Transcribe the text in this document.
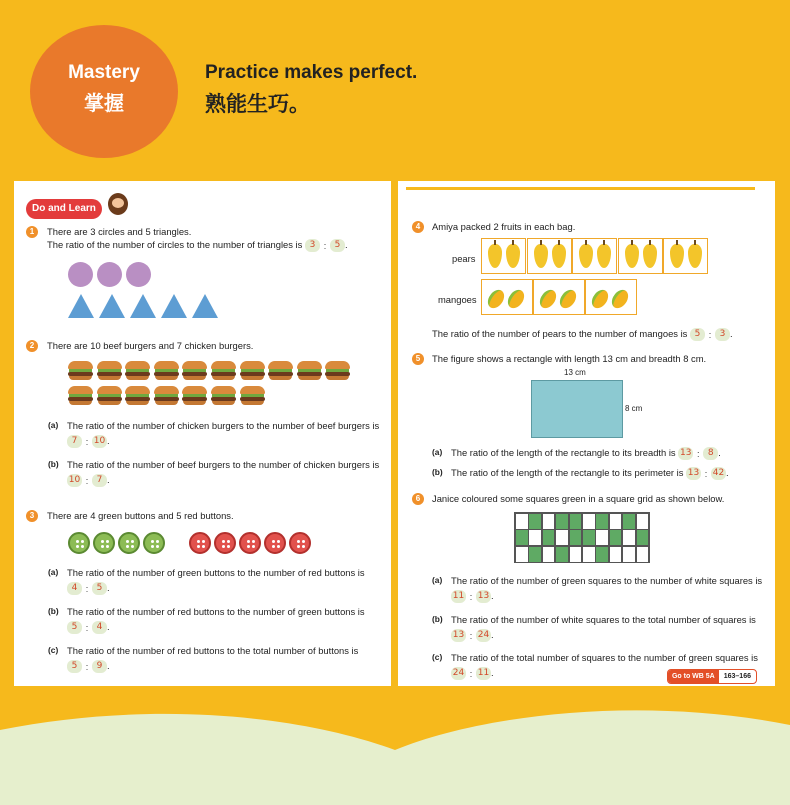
Mastery
掌握
Practice makes perfect.
熟能生巧。
Do and Learn
1	There are 3 circles and 5 triangles.
The ratio of the number of circles to the number of triangles is 3 : 5 .
2	There are 10 beef burgers and 7 chicken burgers.
(a) The ratio of the number of chicken burgers to the number of beef burgers is
7 : 10 .
(b) The ratio of the number of beef burgers to the number of chicken burgers is
10 : 7 .
3	There are 4 green buttons and 5 red buttons.
(a) The ratio of the number of green buttons to the number of red buttons is
4 : 5 .
(b) The ratio of the number of red buttons to the number of green buttons is
5 : 4 .
(c) The ratio of the number of red buttons to the total number of buttons is
5 : 9 .
4	Amiya packed 2 fruits in each bag.
pears
mangoes
The ratio of the number of pears to the number of mangoes is 5 : 3 .
5	The figure shows a rectangle with length 13 cm and breadth 8 cm.
13 cm
8 cm
(a) The ratio of the length of the rectangle to its breadth is 13 : 8 .
(b) The ratio of the length of the rectangle to its perimeter is 13 : 42 .
6	Janice coloured some squares green in a square grid as shown below.
(a) The ratio of the number of green squares to the number of white squares is
11 : 13 .
(b) The ratio of the number of white squares to the total number of squares is
13 : 24 .
(c) The ratio of the total number of squares to the number of green squares is
24 : 11 .	Go to WB 5A 163–166
